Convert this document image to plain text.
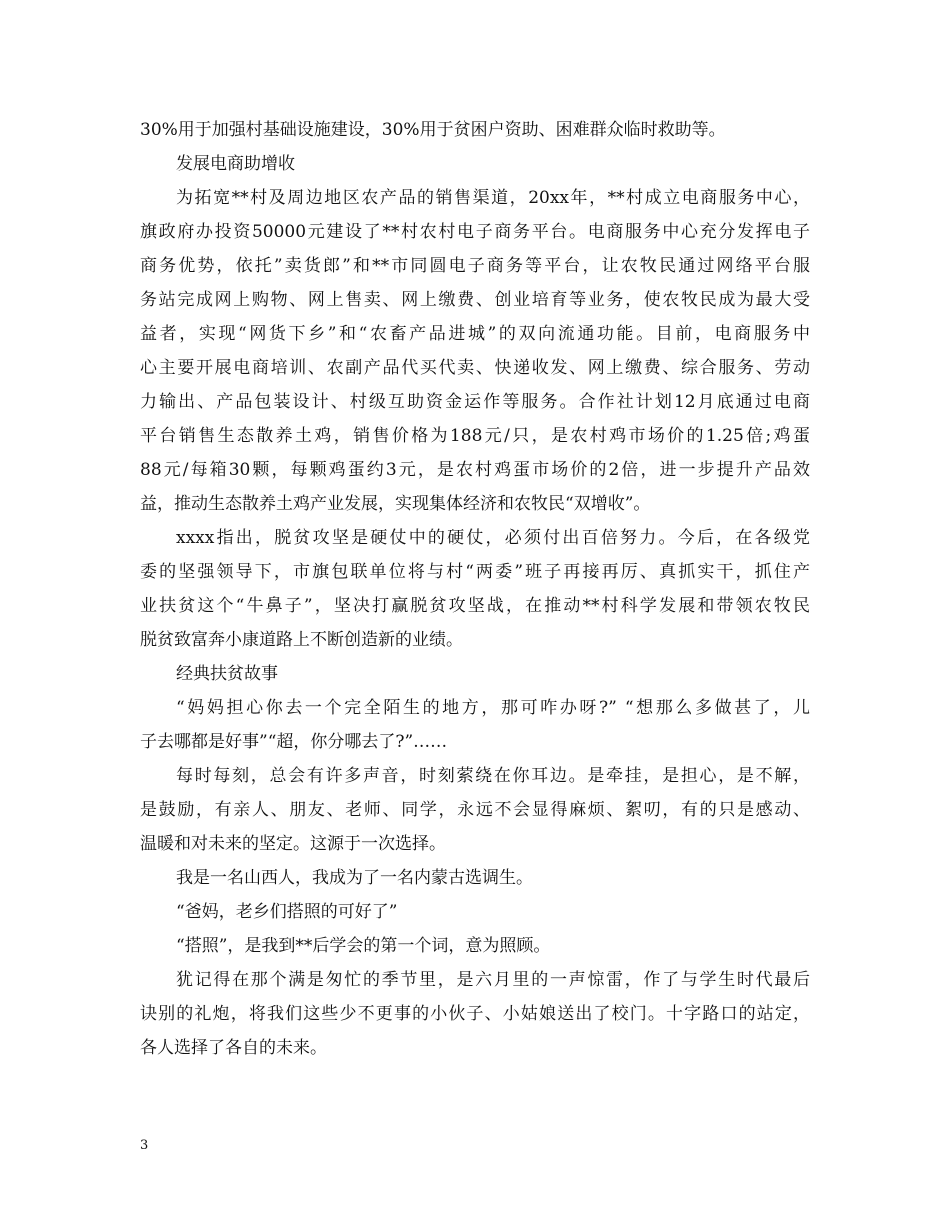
30%用于加强村基础设施建设，30%用于贫困户资助、困难群众临时救助等。
发展电商助增收
为拓宽**村及周边地区农产品的销售渠道，20xx年，**村成立电商服务中心，
旗政府办投资50000元建设了**村农村电子商务平台。电商服务中心充分发挥电子
商务优势，依托”卖货郎”和**市同圆电子商务等平台，让农牧民通过网络平台服
务站完成网上购物、网上售卖、网上缴费、创业培育等业务，使农牧民成为最大受
益者，实现“网货下乡”和“农畜产品进城”的双向流通功能。目前，电商服务中
心主要开展电商培训、农副产品代买代卖、快递收发、网上缴费、综合服务、劳动
力输出、产品包装设计、村级互助资金运作等服务。合作社计划12月底通过电商
平台销售生态散养土鸡，销售价格为188元/只，是农村鸡市场价的1.25倍;鸡蛋
88元/每箱30颗，每颗鸡蛋约3元，是农村鸡蛋市场价的2倍，进一步提升产品效
益，推动生态散养土鸡产业发展，实现集体经济和农牧民“双增收”。
xxxx指出，脱贫攻坚是硬仗中的硬仗，必须付出百倍努力。今后，在各级党
委的坚强领导下，市旗包联单位将与村“两委”班子再接再厉、真抓实干，抓住产
业扶贫这个“牛鼻子”，坚决打赢脱贫攻坚战，在推动**村科学发展和带领农牧民
脱贫致富奔小康道路上不断创造新的业绩。
经典扶贫故事
“妈妈担心你去一个完全陌生的地方，那可咋办呀?” “想那么多做甚了，儿
子去哪都是好事”“超，你分哪去了?”……
每时每刻，总会有许多声音，时刻萦绕在你耳边。是牵挂，是担心，是不解，
是鼓励，有亲人、朋友、老师、同学，永远不会显得麻烦、絮叨，有的只是感动、
温暖和对未来的坚定。这源于一次选择。
我是一名山西人，我成为了一名内蒙古选调生。
“爸妈，老乡们搭照的可好了”
“搭照”，是我到**后学会的第一个词，意为照顾。
犹记得在那个满是匆忙的季节里，是六月里的一声惊雷，作了与学生时代最后
诀别的礼炮，将我们这些少不更事的小伙子、小姑娘送出了校门。十字路口的站定，
各人选择了各自的未来。
3
